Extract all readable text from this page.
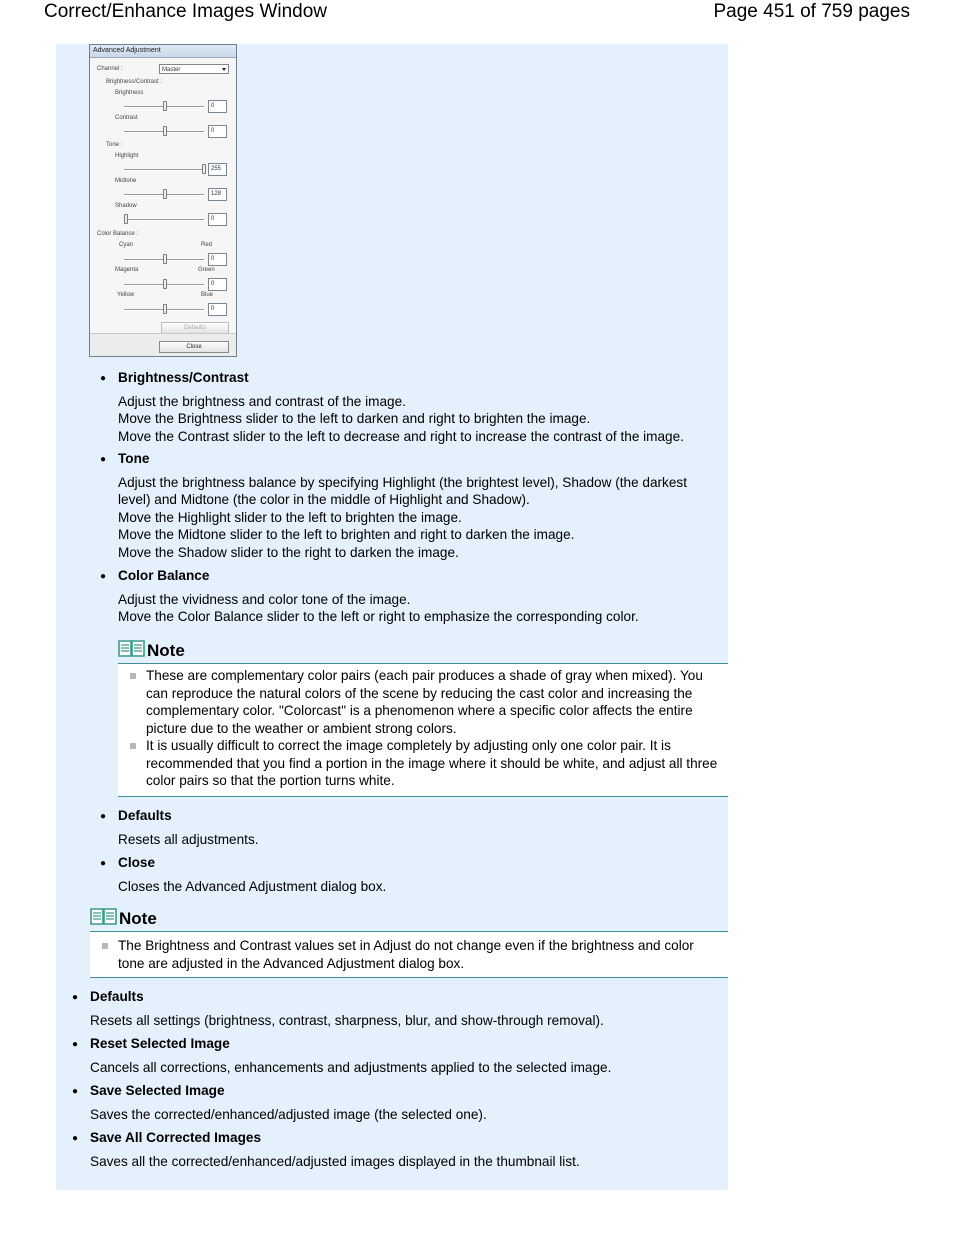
Correct/Enhance Images Window	Page 451 of 759 pages
Advanced Adjustment
Channel :	Master
Brightness/Contrast :
Brightness
0
Contrast
0
Tone :
Highlight
255
Midtone
128
Shadow
0
Color Balance :
Cyan	Red
0
Magenta	Green
0
Yellow	Blue
0
Defaults
Close
● Brightness/Contrast

Adjust the brightness and contrast of the image.

Move the Brightness slider to the left to darken and right to brighten the image.

Move the Contrast slider to the left to decrease and right to increase the contrast of the image.

● Tone

Adjust the brightness balance by specifying Highlight (the brightest level), Shadow (the darkest level) and Midtone (the color in the middle of Highlight and Shadow).

Move the Highlight slider to the left to brighten the image.

Move the Midtone slider to the left to brighten and right to darken the image.

Move the Shadow slider to the right to darken the image.

● Color Balance

Adjust the vividness and color tone of the image.

Move the Color Balance slider to the left or right to emphasize the corresponding color.

Note
These are complementary color pairs (each pair produces a shade of gray when mixed). You can reproduce the natural colors of the scene by reducing the cast color and increasing the complementary color. "Colorcast" is a phenomenon where a specific color affects the entire picture due to the weather or ambient strong colors.
It is usually difficult to correct the image completely by adjusting only one color pair. It is recommended that you find a portion in the image where it should be white, and adjust all three color pairs so that the portion turns white.
● Defaults

Resets all adjustments.

● Close

Closes the Advanced Adjustment dialog box.

Note
The Brightness and Contrast values set in Adjust do not change even if the brightness and color tone are adjusted in the Advanced Adjustment dialog box.
● Defaults

Resets all settings (brightness, contrast, sharpness, blur, and show-through removal).

● Reset Selected Image

Cancels all corrections, enhancements and adjustments applied to the selected image.

● Save Selected Image

Saves the corrected/enhanced/adjusted image (the selected one).

● Save All Corrected Images

Saves all the corrected/enhanced/adjusted images displayed in the thumbnail list.
